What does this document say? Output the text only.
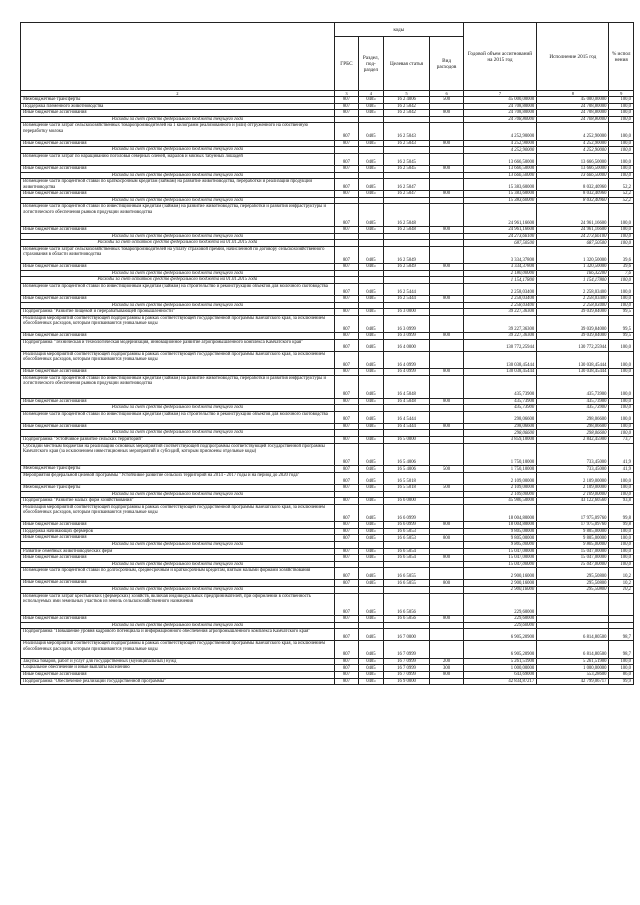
	коды				Годовой объем ассигнований на 2015 год	Исполнение 2015 год	% испол нения
	ГРБС	Раздел, под-раздел	Целевая статья	Вид расходов			
2	3	4	5	6	7	8	9
Межбюджетные трансферты	807	0405	16 2 4006	500	45 000,00000	45 000,00000	100,0
Поддержка племенного животноводства	807	0405	16 2 5042		24 708,80000	24 708,80000	100,0
Иные бюджетные ассигнования	807	0405	16 2 5042	800	24 708,80000	24 708,80000	100,0
Расходы за счет средств федерального бюджета текущего года					24 708,80000	24 708,80000	100,0
Возмещение части затрат сельскохозяйственных товаропроизводителей на 1 килограмм реализованного и (или) отгруженного на собственную переработку молока	807	0405	16 2 5043		4 252,90000	4 252,90000	100,0
Иные бюджетные ассигнования	807	0405	16 2 5043	800	4 252,90000	4 252,90000	100,0
Расходы за счет средств федерального бюджета текущего года					4 252,90000	4 252,90000	100,0
Возмещение части затрат по наращиванию поголовья северных оленей, маралов и мясных табунных лошадей	807	0405	16 2 5045		13 666,50000	13 666,50000	100,0
Иные бюджетные ассигнования	807	0405	16 2 5045	800	13 666,50000	13 666,50000	100,0
Расходы за счет средств федерального бюджета текущего года					13 666,50000	13 666,50000	100,0
Возмещение части процентной ставки по краткосрочным кредитам (займам) на развитие животноводства, переработки и реализации продукции животноводства	807	0405	16 2 5047		15 383,60000	8 032,40960	52,2
Иные бюджетные ассигнования	807	0405	16 2 5047	800	15 383,60000	8 032,40960	52,2
Расходы за счет средств федерального бюджета текущего года					15 383,60000	8 032,40960	52,2
Возмещение части процентной ставки по инвестиционным кредитам (займам) на развитие животноводства, переработки и развития инфраструктуры и логистического обеспечения рынков продукции животноводства	807	0405	16 2 5048		24 961,16600	24 961,16600	100,0
Иные бюджетные ассигнования	807	0405	16 2 5048	800	24 961,16600	24 961,16600	100,0
Расходы за счет средств федерального бюджета текущего года					24 273,66100	24 273,66100	100,0
Расходы за счет остатков средств федерального бюджета на 01.01.2015 года					687,50500	687,50500	100,0
Возмещение части затрат сельскохозяйственных товаропроизводителей на уплату страховой премии, начисленной по договору сельскохозяйственного страхования в области животноводства	807	0405	16 2 5049		3 334,37800	1 320,50000	39,6
Иные бюджетные ассигнования	807	0405	16 2 5049	800	3 334,37800	1 320,50000	39,6
Расходы за счет средств федерального бюджета текущего года					2 180,00000	166,32200	7,6
Расходы за счет остатков средств федерального бюджета на 01.01.2015 года					1 154,17800	1 154,17800	100,0
Возмещение части процентной ставки по инвестиционным кредитам (займам) на строительство и реконструкцию объектов для молочного скотоводства	807	0405	16 2 5444		2 258,03400	2 258,03400	100,0
Иные бюджетные ассигнования	807	0405	16 2 5444	800	2 258,03400	2 258,03400	100,0
Расходы за счет средств федерального бюджета текущего года					2 258,03400	2 258,03400	100,0
Подпрограмма "Развитие пищевой и перерабатывающей промышленности"	807	0405	16 3 0000		39 227,36300	39 039,84000	99,5
Реализация мероприятий соответствующей подпрограммы в рамках соответствующей государственной программы Камчатского края, за исключением обособленных расходов, которым присваиваются уникальные коды	807	0405	16 3 0999		39 227,36300	39 039,84000	99,5
Иные бюджетные ассигнования	807	0405	16 3 0999	800	39 227,36300	39 039,84000	99,5
Подпрограмма "Техническая и технологическая модернизация, инновационное развитие агропромышленного комплекса Камчатского края"	807	0405	16 4 0000		130 772,25944	130 772,25944	100,0
Реализация мероприятий соответствующей подпрограммы в рамках соответствующей государственной программы Камчатского края, за исключением обособленных расходов, которым присваиваются уникальные коды	807	0405	16 4 0999		130 038,45444	130 038,45444	100,0
Иные бюджетные ассигнования	807	0405	16 4 0999	800	130 038,45444	130 038,45444	100,0
Возмещение части процентной ставки по инвестиционным кредитам (займам) на развитие животноводства, переработки и развития инфраструктуры и логистического обеспечения рынков продукции животноводства	807	0405	16 4 5048		435,73900	435,73900	100,0
Иные бюджетные ассигнования	807	0405	16 4 5048	800	435,73900	435,73900	100,0
Расходы за счет средств федерального бюджета текущего года					435,73900	435,73900	100,0
Возмещение части процентной ставки по инвестиционным кредитам (займам) на строительство и реконструкцию объектов для молочного скотоводства	807	0405	16 4 5444		298,06600	298,06600	100,0
Иные бюджетные ассигнования	807	0405	16 4 5444	800	298,06600	298,06600	100,0
Расходы за счет средств федерального бюджета текущего года					298,06600	298,06600	100,0
Подпрограмма "Устойчивое развитие сельских территорий"	807	0405	16 5 0000		3 859,10000	2 842,45900	73,7
Субсидии местным бюджетам на реализацию основных мероприятий соответствующей подпрограммы соответствующей государственной программы Камчатского края (за исключением инвестиционных мероприятий и субсидий, которым присвоены отдельные коды)	807	0405	16 5 4006		1 750,10000	733,45000	41,9
Межбюджетные трансферты	807	0405	16 5 4006	500	1 750,10000	733,45000	41,9
Мероприятия федеральной целевой программы "Устойчивое развитие сельских территорий на 2014 - 2017 годы и на период до 2020 года"	807	0405	16 5 5018		2 109,00000	2 109,00000	100,0
Межбюджетные трансферты	807	0405	16 5 5018	500	2 109,00000	2 109,00000	100,0
Расходы за счет средств федерального бюджета текущего года					2 109,00000	2 109,00000	100,0
Подпрограмма "Развитие малых форм хозяйствования"	807	0405	16 6 0000		45 986,50000	43 122,60560	93,8
Реализация мероприятий соответствующей подпрограммы в рамках соответствующей государственной программы Камчатского края, за исключением обособленных расходов, которым присваиваются уникальные коды	807	0405	16 6 0999		18 004,80000	17 975,09760	99,8
Иные бюджетные ассигнования	807	0405	16 6 0999	800	18 004,80000	17 975,09760	99,8
Поддержка начинающих фермеров	807	0405	16 6 5053		9 805,00000	9 805,00000	100,0
Иные бюджетные ассигнования	807	0405	16 6 5053	800	9 805,00000	9 805,00000	100,0
Расходы за счет средств федерального бюджета текущего года					9 805,00000	9 805,00000	100,0
Развитие семейных животноводческих ферм	807	0405	16 6 5054		15 047,00000	15 047,00000	100,0
Иные бюджетные ассигнования	807	0405	16 6 5054	800	15 047,00000	15 047,00000	100,0
Расходы за счет средств федерального бюджета текущего года					15 047,00000	15 047,00000	100,0
Возмещение части процентной ставки по долгосрочным, среднесрочным и краткосрочным кредитам, взятым малыми формами хозяйствования	807	0405	16 6 5055		2 900,16000	295,50800	10,2
Иные бюджетные ассигнования	807	0405	16 6 5055	800	2 900,16000	295,50800	10,2
Расходы за счет средств федерального бюджета текущего года					2 900,16000	295,50800	10,2
Возмещение части затрат крестьянских (фермерских) хозяйств, включая индивидуальных предпринимателей, при оформлении в собственность используемых ими земельных участков из земель сельскохозяйственного назначения	807	0405	16 6 5056		229,60000		
Иные бюджетные ассигнования	807	0405	16 6 5056	800	229,60000		
Расходы за счет средств федерального бюджета текущего года					229,60000		
Подпрограмма "Повышение уровня кадрового потенциала и информационного обеспечения агропромышленного комплекса Камчатского края"	807	0405	16 7 0000		6 905,20900	6 814,80500	98,7
Реализация мероприятий соответствующей подпрограммы в рамках соответствующей государственной программы Камчатского края, за исключением обособленных расходов, которым присваиваются уникальные коды	807	0405	16 7 0999		6 905,20900	6 814,80500	98,7
Закупка товаров, работ и услуг для государственных (муниципальных) нужд	807	0405	16 7 0999	200	5 261,51900	5 261,51900	100,0
Социальное обеспечение и иные выплаты населению	807	0405	16 7 0999	300	1 000,00000	1 000,00000	100,0
Иные бюджетные ассигнования	807	0405	16 7 0999	800	643,69000	553,28600	86,0
Подпрограмма "Обеспечение реализации государственной программы"	807	0405	16 9 0000		42 834,87217	42 799,06717	99,9
